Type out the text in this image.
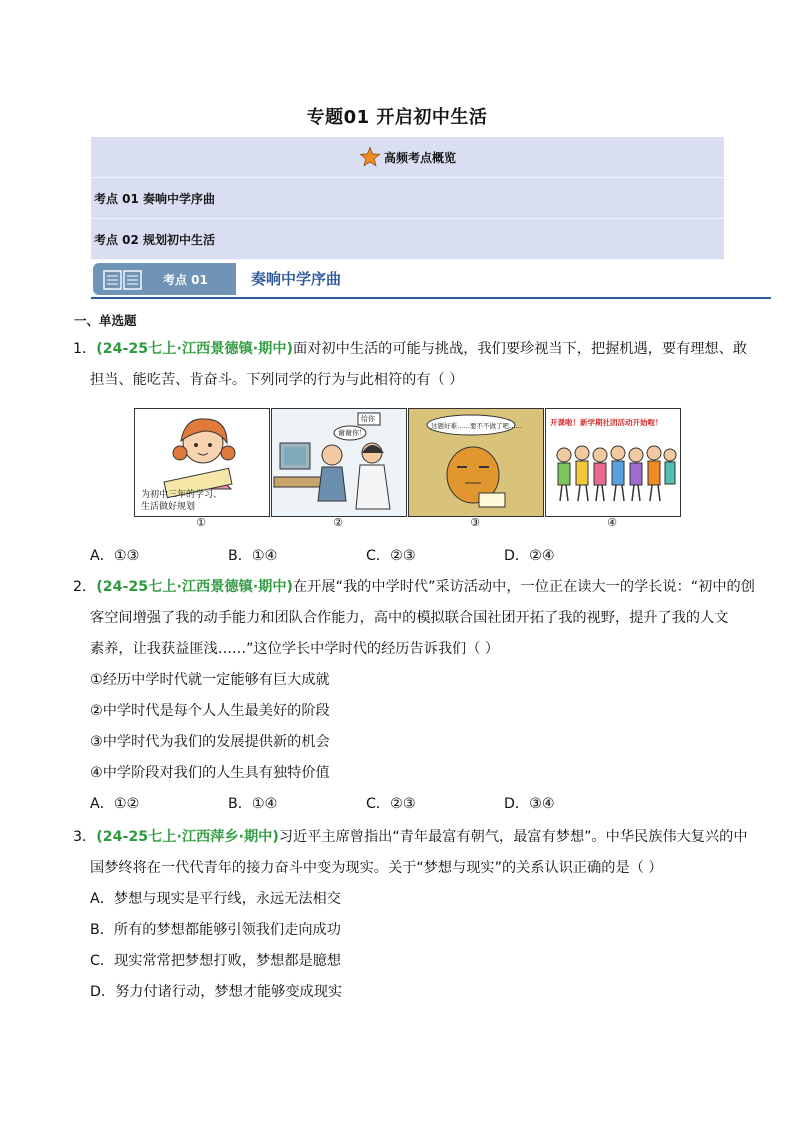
专题01 开启初中生活
高频考点概览
考点 01 奏响中学序曲
考点 02 规划初中生活
考点 01	奏响中学序曲
一、单选题
1．(24-25七上·江西景德镇·期中)面对初中生活的可能与挑战，我们要珍视当下，把握机遇，要有理想、敢
担当、能吃苦、肯奋斗。下列同学的行为与此相符的有（ ）
为初中三年的学习、
生活做好规划
①
谢谢你！
给你
②
这题好难……要不不做了吧……
③
开课啦！新学期社团活动开始啦！
④
A．①③	B．①④	C．②③	D．②④
2．(24-25七上·江西景德镇·期中)在开展“我的中学时代”采访活动中，一位正在读大一的学长说：“初中的创
客空间增强了我的动手能力和团队合作能力，高中的模拟联合国社团开拓了我的视野，提升了我的人文
素养，让我获益匪浅……”这位学长中学时代的经历告诉我们（ ）
①经历中学时代就一定能够有巨大成就
②中学时代是每个人人生最美好的阶段
③中学时代为我们的发展提供新的机会
④中学阶段对我们的人生具有独特价值
A．①②	B．①④	C．②③	D．③④
3．(24-25七上·江西萍乡·期中)习近平主席曾指出“青年最富有朝气，最富有梦想”。中华民族伟大复兴的中
国梦终将在一代代青年的接力奋斗中变为现实。关于“梦想与现实”的关系认识正确的是（ ）
A．梦想与现实是平行线，永远无法相交
B．所有的梦想都能够引领我们走向成功
C．现实常常把梦想打败，梦想都是臆想
D．努力付诸行动，梦想才能够变成现实
